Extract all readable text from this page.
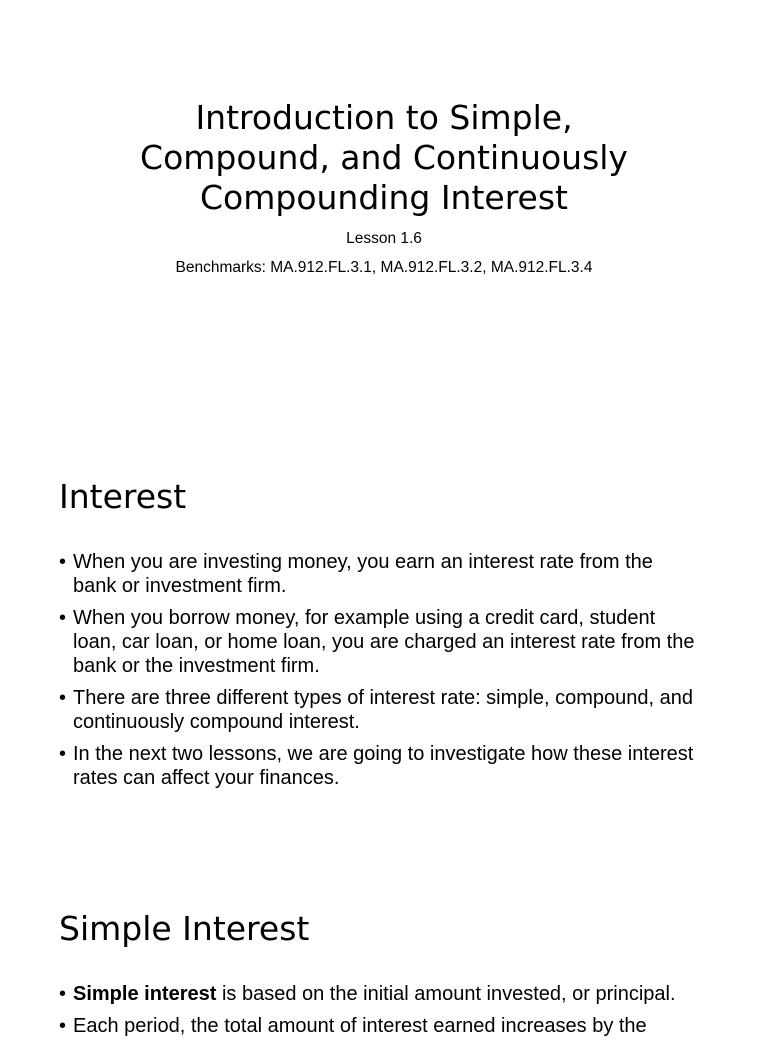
Introduction to Simple,
Compound, and Continuously
Compounding Interest
Lesson 1.6
Benchmarks: MA.912.FL.3.1, MA.912.FL.3.2, MA.912.FL.3.4
Interest
• When you are investing money, you earn an interest rate from the bank or investment firm.
• When you borrow money, for example using a credit card, student loan, car loan, or home loan, you are charged an interest rate from the bank or the investment firm.
• There are three different types of interest rate: simple, compound, and continuously compound interest.
• In the next two lessons, we are going to investigate how these interest rates can affect your finances.
Simple Interest
• Simple interest is based on the initial amount invested, or principal.
• Each period, the total amount of interest earned increases by the
